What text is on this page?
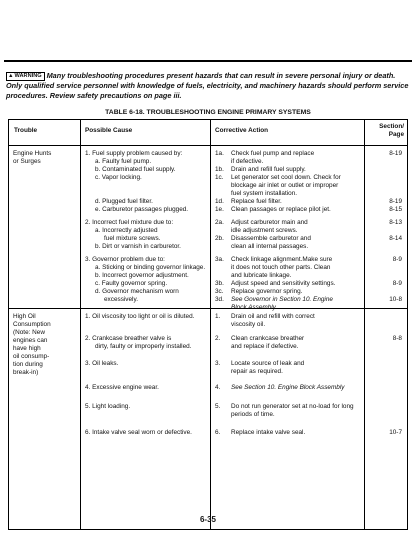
▲WARNING Many troubleshooting procedures present hazards that can result in severe personal injury or death. Only qualified service personnel with knowledge of fuels, electricity, and machinery hazards should perform service procedures. Review safety precautions on page iii.
TABLE 6-18. TROUBLESHOOTING ENGINE PRIMARY SYSTEMS
Trouble	Possible Cause	Corrective Action
Section/
Page
Engine Hunts
or Surges
1. Fuel supply problem caused by:
a. Faulty fuel pump.
b. Contaminated fuel supply.
c. Vapor locking.
d. Plugged fuel filter.
e. Carburetor passages plugged.
2. Incorrect fuel mixture due to:
a. Incorrectly adjusted
fuel mixture screws.
b. Dirt or varnish in carburetor.
3. Governor problem due to:
a. Sticking or binding governor linkage.
b. Incorrect governor adjustment.
c. Faulty governor spring.
d. Governor mechanism worn
excessively.
1a.
1b.
1c.
1d.
1e.
2a.
2b.
3a.
3b.
3c.
3d.
Check fuel pump and replace
if defective.
Drain and refill fuel supply.
Let generator set cool down. Check for
blockage air inlet or outlet or improper
fuel system installation.
Replace fuel filter.
Clean passages or replace pilot jet.
Adjust carburetor main and
idle adjustment screws.
Disassemble carburetor and
clean all internal passages.
Check linkage alignment.Make sure
it does not touch other parts. Clean
and lubricate linkage.
Adjust speed and sensitivity settings.
Replace governor spring.
See Governor in Section 10. Engine
Block Assembly.
8-19
8-19
8-15
8-13
8-14
8-9
8-9
10-8
High Oil
Consumption
(Note: New
engines can
have high
oil consump-
tion during
break-in)
1. Oil viscosity too light or oil is diluted.
2. Crankcase breather valve is
dirty, faulty or improperly installed.
3. Oil leaks.
4. Excessive engine wear.
5. Light loading.
6. Intake valve seal worn or defective.
1.
2.
3.
4.
5.
6.
Drain oil and refill with correct
viscosity oil.
Clean crankcase breather
and replace if defective.
Locate source of leak and
repair as required.
See Section 10. Engine Block Assembly
Do not run generator set at no-load for long
periods of time.
Replace intake valve seal.
8-8
10-7
6-35
